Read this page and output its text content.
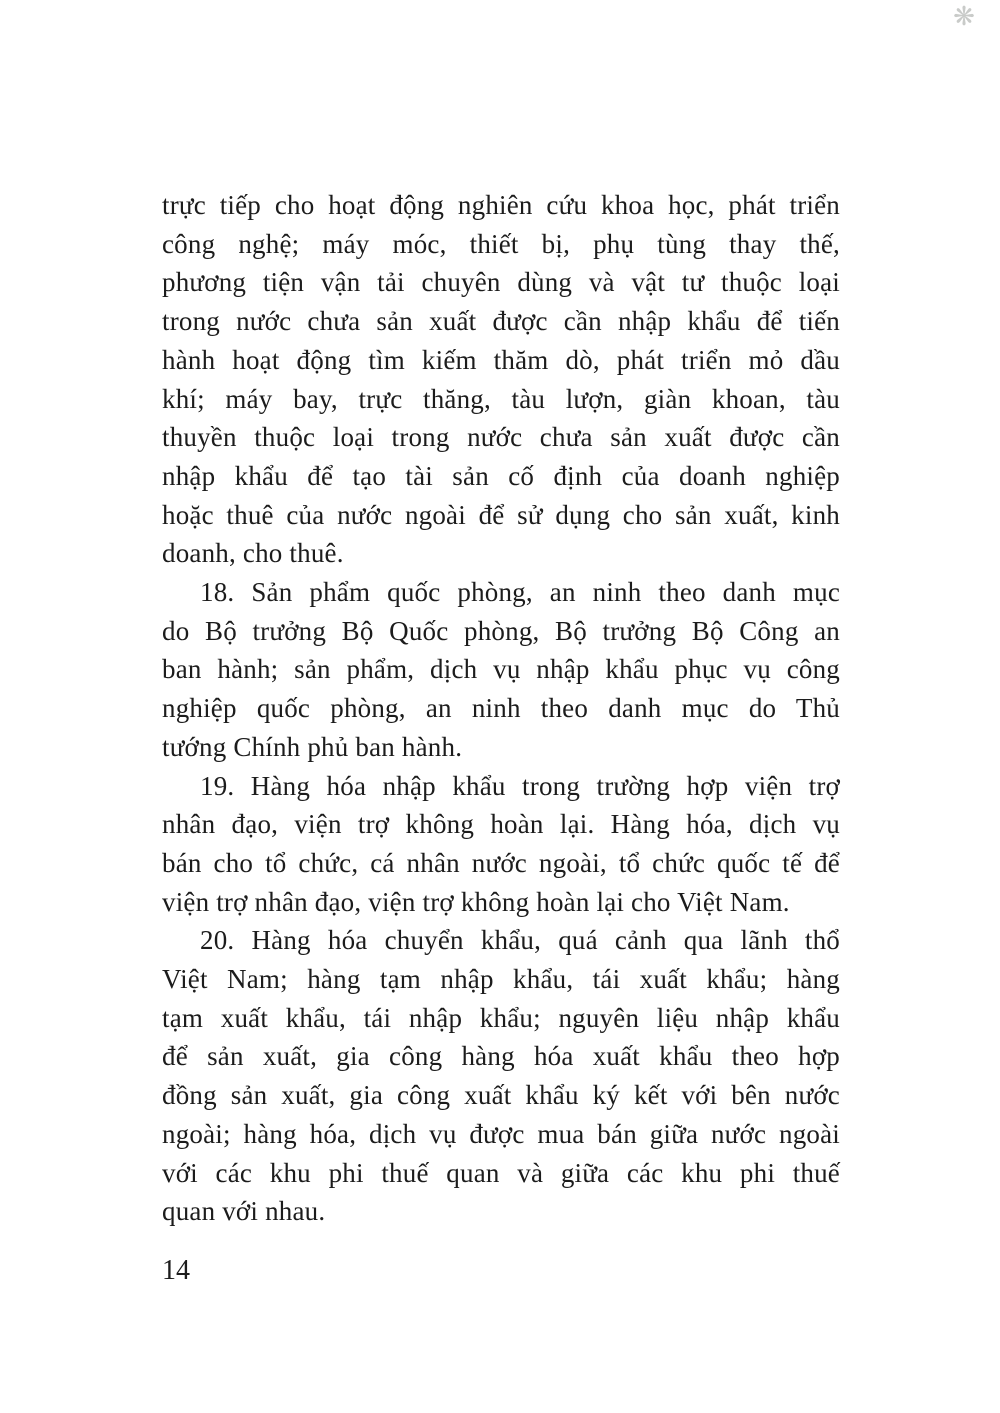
❋
trực tiếp cho hoạt động nghiên cứu khoa học, phát triển
công nghệ; máy móc, thiết bị, phụ tùng thay thế,
phương tiện vận tải chuyên dùng và vật tư thuộc loại
trong nước chưa sản xuất được cần nhập khẩu để tiến
hành hoạt động tìm kiếm thăm dò, phát triển mỏ dầu
khí; máy bay, trực thăng, tàu lượn, giàn khoan, tàu
thuyền thuộc loại trong nước chưa sản xuất được cần
nhập khẩu để tạo tài sản cố định của doanh nghiệp
hoặc thuê của nước ngoài để sử dụng cho sản xuất, kinh
doanh, cho thuê.
18. Sản phẩm quốc phòng, an ninh theo danh mục
do Bộ trưởng Bộ Quốc phòng, Bộ trưởng Bộ Công an
ban hành; sản phẩm, dịch vụ nhập khẩu phục vụ công
nghiệp quốc phòng, an ninh theo danh mục do Thủ
tướng Chính phủ ban hành.
19. Hàng hóa nhập khẩu trong trường hợp viện trợ
nhân đạo, viện trợ không hoàn lại. Hàng hóa, dịch vụ
bán cho tổ chức, cá nhân nước ngoài, tổ chức quốc tế để
viện trợ nhân đạo, viện trợ không hoàn lại cho Việt Nam.
20. Hàng hóa chuyển khẩu, quá cảnh qua lãnh thổ
Việt Nam; hàng tạm nhập khẩu, tái xuất khẩu; hàng
tạm xuất khẩu, tái nhập khẩu; nguyên liệu nhập khẩu
để sản xuất, gia công hàng hóa xuất khẩu theo hợp
đồng sản xuất, gia công xuất khẩu ký kết với bên nước
ngoài; hàng hóa, dịch vụ được mua bán giữa nước ngoài
với các khu phi thuế quan và giữa các khu phi thuế
quan với nhau.
14
